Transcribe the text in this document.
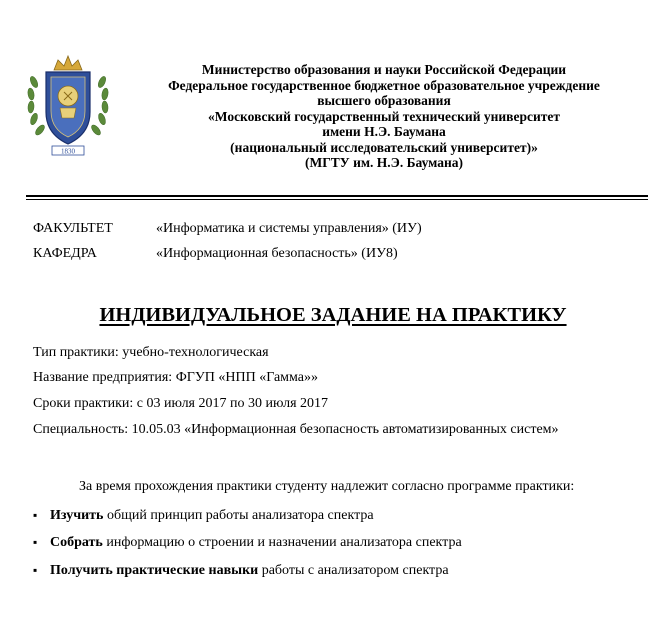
1830
Министерство образования и науки Российской Федерации
Федеральное государственное бюджетное образовательное учреждение
высшего образования
«Московский государственный технический университет
имени Н.Э. Баумана
(национальный исследовательский университет)»
(МГТУ им. Н.Э. Баумана)
ФАКУЛЬТЕТ	«Информатика и системы управления» (ИУ)
КАФЕДРА	«Информационная безопасность» (ИУ8)
ИНДИВИДУАЛЬНОЕ ЗАДАНИЕ НА ПРАКТИКУ
Тип практики: учебно-технологическая
Название предприятия: ФГУП «НПП «Гамма»»
Сроки практики: с 03 июля 2017 по 30 июля 2017
Специальность: 10.05.03 «Информационная безопасность автоматизированных систем»
За время прохождения практики студенту надлежит согласно программе практики:
▪ Изучить общий принцип работы анализатора спектра
▪ Собрать информацию о строении и назначении анализатора спектра
▪ Получить практические навыки работы с анализатором спектра
